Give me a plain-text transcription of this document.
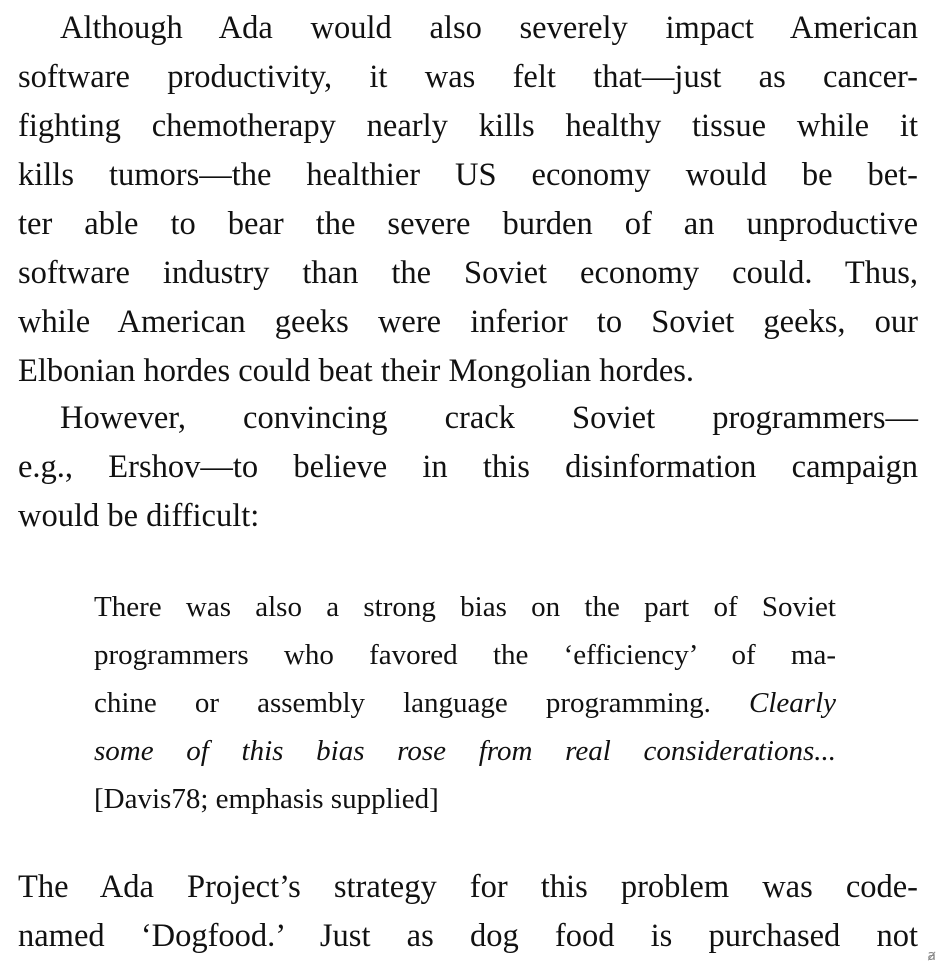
Although Ada would also severely impact American
software productivity, it was felt that—just as cancer-
fighting chemotherapy nearly kills healthy tissue while it
kills tumors—the healthier US economy would be bet-
ter able to bear the severe burden of an unproductive
software industry than the Soviet economy could. Thus,
while American geeks were inferior to Soviet geeks, our
Elbonian hordes could beat their Mongolian hordes.
However, convincing crack Soviet programmers—
e.g., Ershov—to believe in this disinformation campaign
would be difficult:
There was also a strong bias on the part of Soviet
programmers who favored the ‘efficiency’ of ma-
chine or assembly language programming. Clearly
some of this bias rose from real considerations...
[Davis78; emphasis supplied]
The Ada Project’s strategy for this problem was code-
named ‘Dogfood.’ Just as dog food is purchased not
ⱥ
